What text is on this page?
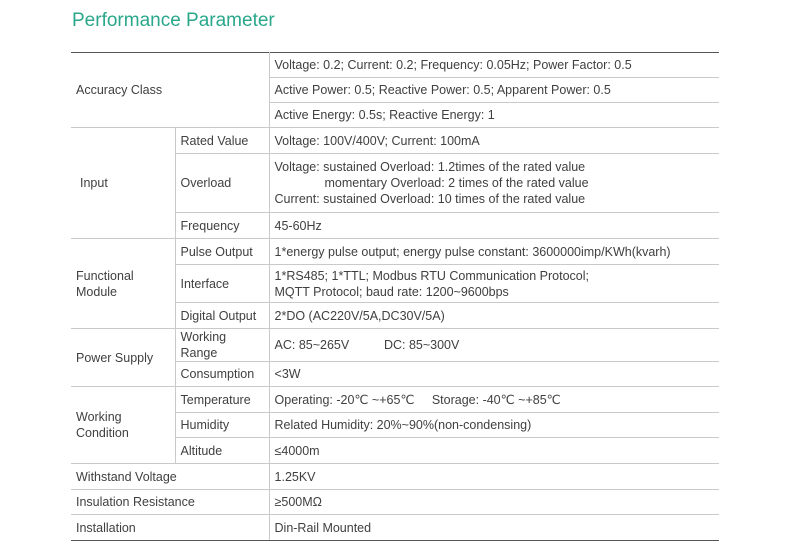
Performance Parameter
Accuracy Class		Voltage: 0.2; Current: 0.2; Frequency: 0.05Hz; Power Factor: 0.5
		Active Power: 0.5; Reactive Power: 0.5; Apparent Power: 0.5
		Active Energy: 0.5s; Reactive Energy: 1
Input	Rated Value	Voltage: 100V/400V; Current: 100mA
	Overload	Voltage: sustained Overload: 1.2times of the rated value
momentary Overload: 2 times of the rated value
Current: sustained Overload: 10 times of the rated value

	Frequency	45-60Hz
Functional Module	Pulse Output	1*energy pulse output; energy pulse constant: 3600000imp/KWh(kvarh)
	Interface	1*RS485; 1*TTL; Modbus RTU Communication Protocol;
MQTT Protocol; baud rate: 1200~9600bps

	Digital Output	2*DO (AC220V/5A,DC30V/5A)
Power Supply	Working Range	AC: 85~265V          DC: 85~300V
	Consumption	<3W
Working Condition	Temperature	Operating: -20℃ ~+65℃     Storage: -40℃ ~+85℃
	Humidity	Related Humidity: 20%~90%(non-condensing)
	Altitude	≤4000m
Withstand Voltage		1.25KV
Insulation Resistance		≥500MΩ
Installation		Din-Rail Mounted
